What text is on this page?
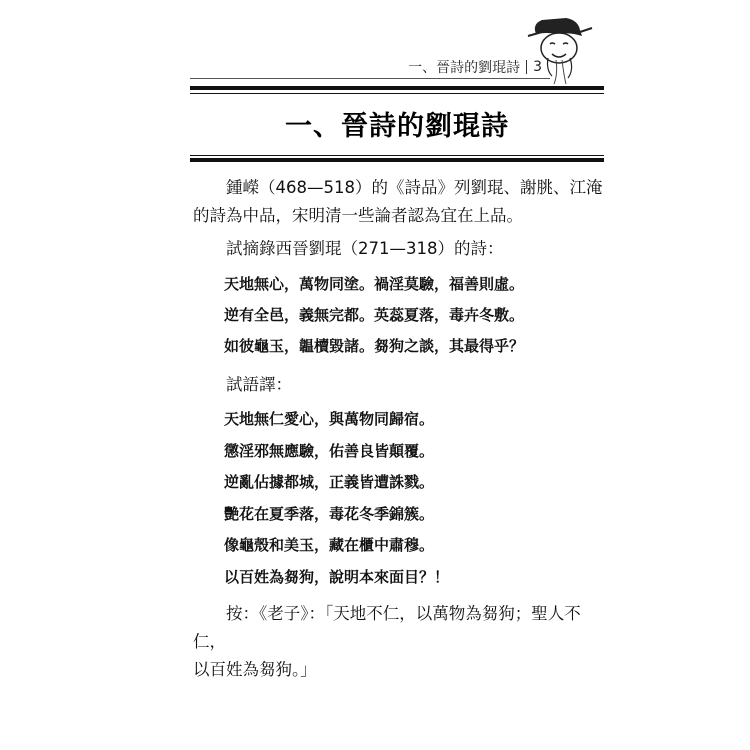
一、晉詩的劉琨詩 3
一、晉詩的劉琨詩
　　鍾嶸（468—518）的《詩品》列劉琨、謝朓、江淹
的詩為中品，宋明清一些論者認為宜在上品。
　　試摘錄西晉劉琨（271—318）的詩：
天地無心，萬物同塗。禍淫莫驗，福善則虛。
逆有全邑，義無完都。英蕊夏落，毒卉冬敷。
如彼龜玉，韞櫝毀諸。芻狗之談，其最得乎？
　　試語譯：
天地無仁愛心，與萬物同歸宿。
懲淫邪無應驗，佑善良皆顛覆。
逆亂佔據都城，正義皆遭誅戮。
艷花在夏季落，毒花冬季錦簇。
像龜殼和美玉，藏在櫃中肅穆。
以百姓為芻狗，說明本來面目？！
　　按：《老子》：「天地不仁，以萬物為芻狗；聖人不仁，
以百姓為芻狗。」
